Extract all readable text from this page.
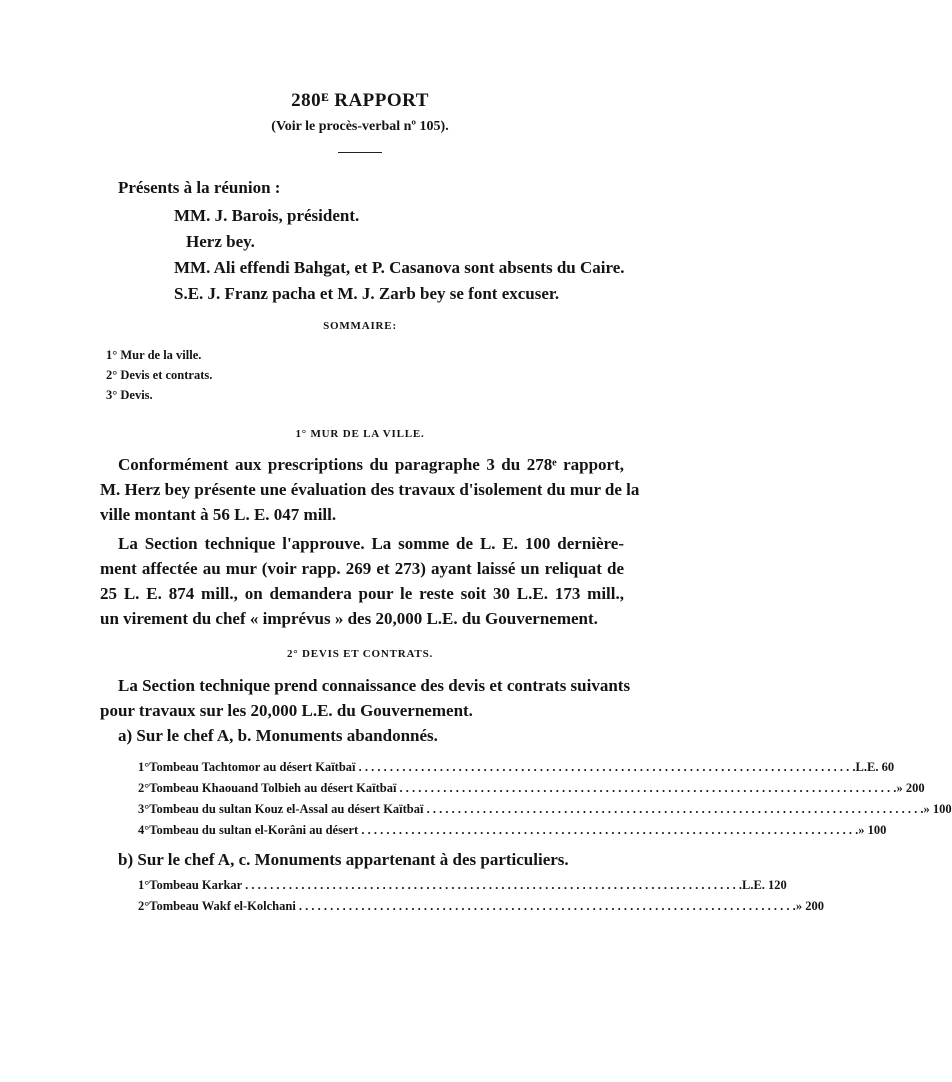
280ᴱ RAPPORT
(Voir le procès-verbal nº 105).
Présents à la réunion :
MM. J. Barois, président.
Herz bey.
MM. Ali effendi Bahgat, et P. Casanova sont absents du Caire.
S.E. J. Franz pacha et M. J. Zarb bey se font excuser.
SOMMAIRE:
1° Mur de la ville.
2° Devis et contrats.
3° Devis.
1° MUR DE LA VILLE.
Conformément aux prescriptions du paragraphe 3 du 278ᵉ rapport,
M. Herz bey présente une évaluation des travaux d'isolement du mur de la
ville montant à 56 L. E. 047 mill.
La Section technique l'approuve. La somme de L. E. 100 dernière-
ment affectée au mur (voir rapp. 269 et 273) ayant laissé un reliquat de
25 L. E. 874 mill., on demandera pour le reste soit 30 L.E. 173 mill.,
un virement du chef « imprévus » des 20,000 L.E. du Gouvernement.
2° DEVIS ET CONTRATS.
La Section technique prend connaissance des devis et contrats suivants
pour travaux sur les 20,000 L.E. du Gouvernement.
a) Sur le chef A, b. Monuments abandonnés.
1° Tombeau Tachtomor au désert Kaïtbaï . . . . . . . . . . . . . . . . . . . . . . . . . . . . . . . . . . . . . . . . . . . . . . . . . . . . . . . . . . . . . . . . . . . . . . . . . . . . . . . . L.E. 60
2° Tombeau Khaouand Tolbieh au désert Kaïtbaï . . . . . . . . . . . . . . . . . . . . . . . . . . . . . . . . . . . . . . . . . . . . . . . . . . . . . . . . . . . . . . . . . . . . . . . . . . . . . . . . » 200
3° Tombeau du sultan Kouz el-Assal au désert Kaïtbaï . . . . . . . . . . . . . . . . . . . . . . . . . . . . . . . . . . . . . . . . . . . . . . . . . . . . . . . . . . . . . . . . . . . . . . . . . . . . . . . . » 100
4° Tombeau du sultan el-Korâni au désert . . . . . . . . . . . . . . . . . . . . . . . . . . . . . . . . . . . . . . . . . . . . . . . . . . . . . . . . . . . . . . . . . . . . . . . . . . . . . . . . » 100
b) Sur le chef A, c. Monuments appartenant à des particuliers.
1° Tombeau Karkar . . . . . . . . . . . . . . . . . . . . . . . . . . . . . . . . . . . . . . . . . . . . . . . . . . . . . . . . . . . . . . . . . . . . . . . . . . . . . . . . L.E. 120
2° Tombeau Wakf el-Kolchani . . . . . . . . . . . . . . . . . . . . . . . . . . . . . . . . . . . . . . . . . . . . . . . . . . . . . . . . . . . . . . . . . . . . . . . . . . . . . . . . » 200
